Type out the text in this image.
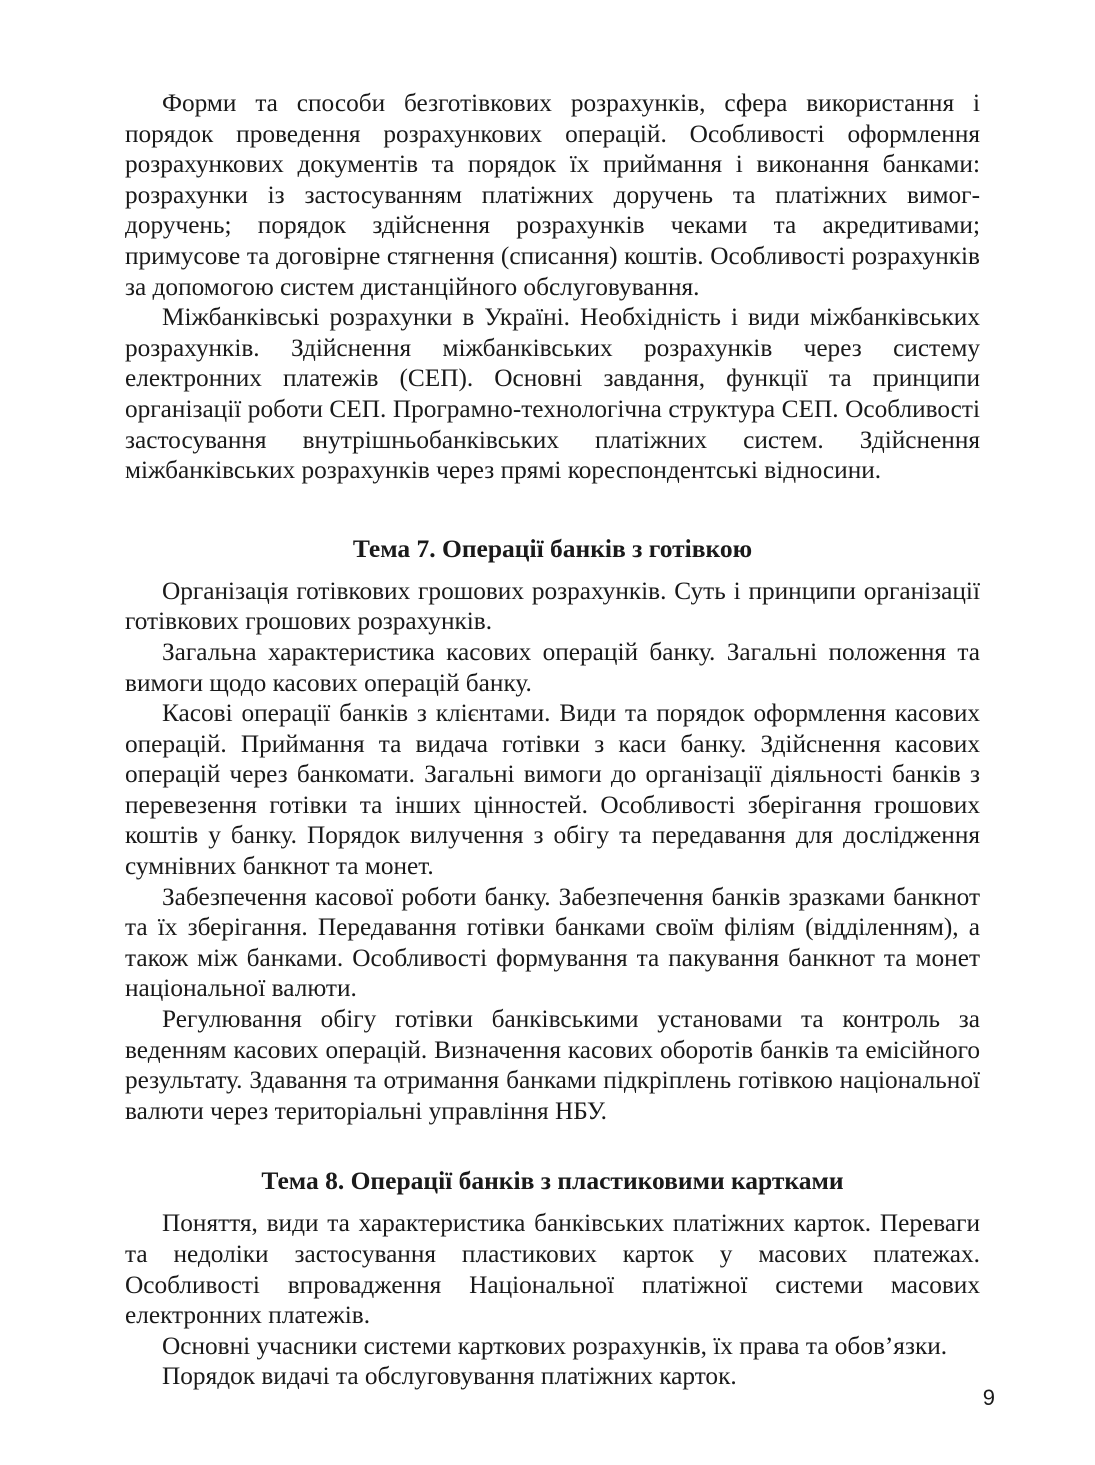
Форми та способи безготівкових розрахунків, сфера використання і порядок проведення розрахункових операцій. Особливості оформлення розрахункових документів та порядок їх приймання і виконання банками: розрахунки із застосуванням платіжних доручень та платіжних вимог-доручень; порядок здійснення розрахунків чеками та акредитивами; примусове та договірне стягнення (списання) коштів. Особливості розрахунків за допомогою систем дистанційного обслуговування.

Міжбанківські розрахунки в Україні. Необхідність і види міжбанківських розрахунків. Здійснення міжбанківських розрахунків через систему електронних платежів (СЕП). Основні завдання, функції та принципи організації роботи СЕП. Програмно-технологічна структура СЕП. Особливості застосування внутрішньобанківських платіжних систем. Здійснення міжбанківських розрахунків через прямі кореспондентські відносини.

Тема 7. Операції банків з готівкою

Організація готівкових грошових розрахунків. Суть і принципи організації готівкових грошових розрахунків.

Загальна характеристика касових операцій банку. Загальні положення та вимоги щодо касових операцій банку.

Касові операції банків з клієнтами. Види та порядок оформлення касових операцій. Приймання та видача готівки з каси банку. Здійснення касових операцій через банкомати. Загальні вимоги до організації діяльності банків з перевезення готівки та інших цінностей. Особливості зберігання грошових коштів у банку. Порядок вилучення з обігу та передавання для дослідження сумнівних банкнот та монет.

Забезпечення касової роботи банку. Забезпечення банків зразками банкнот та їх зберігання. Передавання готівки банками своїм філіям (відділенням), а також між банками. Особливості формування та пакування банкнот та монет національної валюти.

Регулювання обігу готівки банківськими установами та контроль за веденням касових операцій. Визначення касових оборотів банків та емісійного результату. Здавання та отримання банками підкріплень готівкою національної валюти через територіальні управління НБУ.

Тема 8. Операції банків з пластиковими картками

Поняття, види та характеристика банківських платіжних карток. Переваги та недоліки застосування пластикових карток у масових платежах. Особливості впровадження Національної платіжної системи масових електронних платежів.

Основні учасники системи карткових розрахунків, їх права та обов’язки.

Порядок видачі та обслуговування платіжних карток.

9
